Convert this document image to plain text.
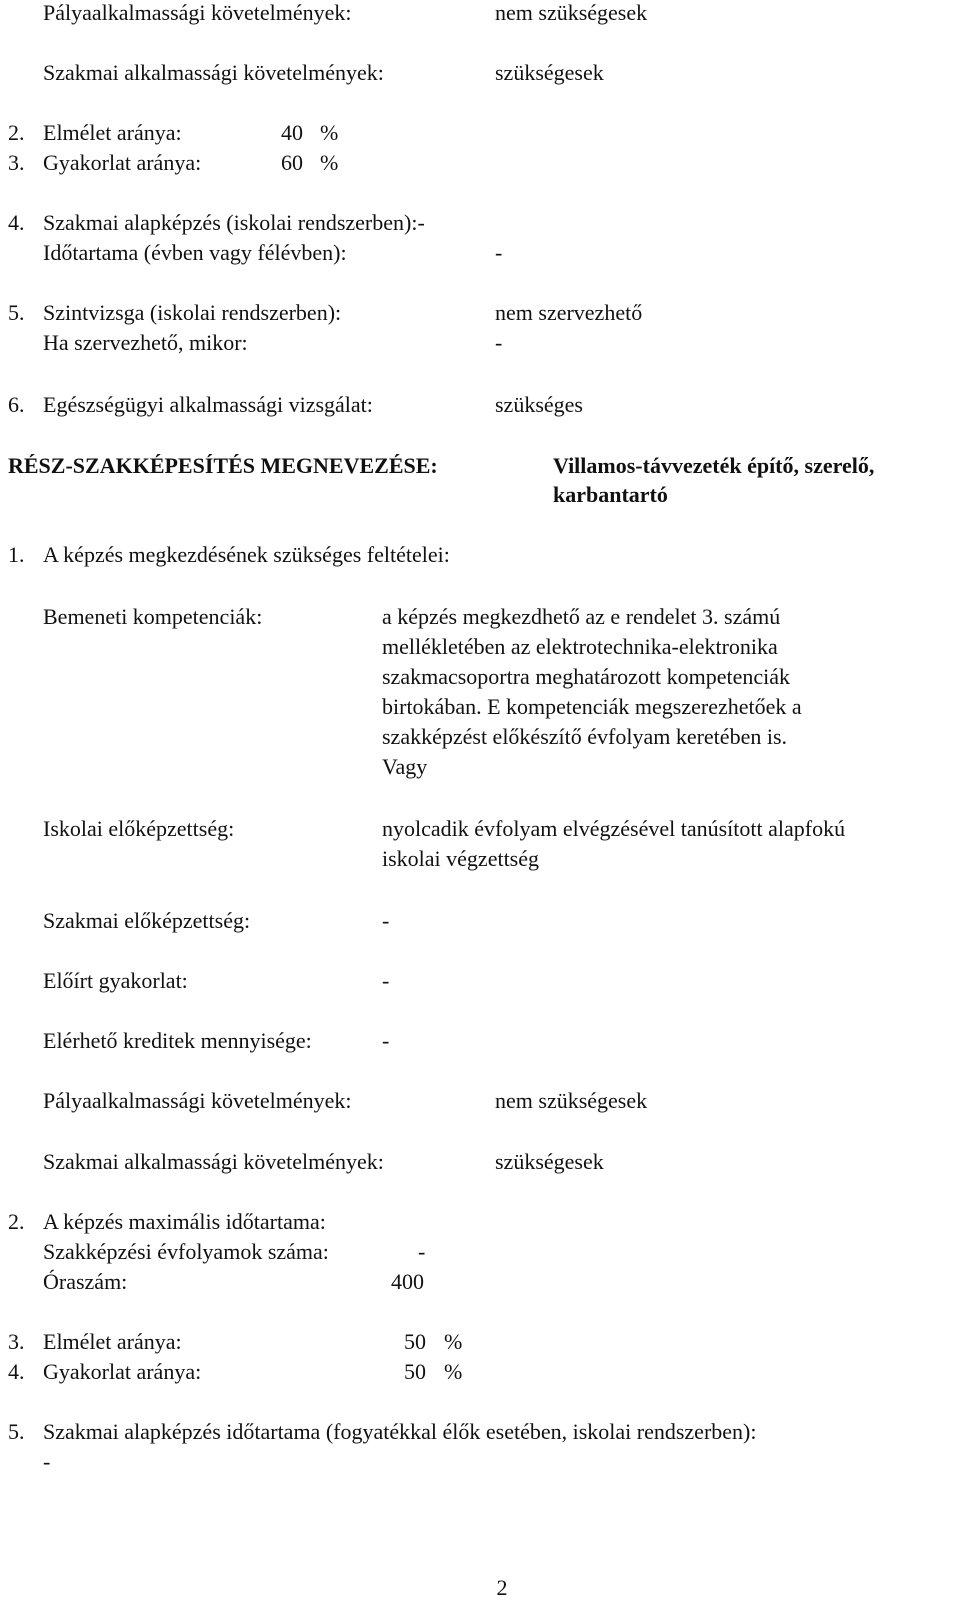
Pályaalkalmassági követelmények:	nem szükségesek
Szakmai alkalmassági követelmények:	szükségesek
2. Elmélet aránya:	40 %
3. Gyakorlat aránya:	60 %
4. Szakmai alapképzés (iskolai rendszerben):-
Időtartama (évben vagy félévben):	-
5. Szintvizsga (iskolai rendszerben):	nem szervezhető
Ha szervezhető, mikor:	-
6. Egészségügyi alkalmassági vizsgálat:	szükséges
RÉSZ-SZAKKÉPESÍTÉS MEGNEVEZÉSE:	Villamos-távvezeték építő, szerelő,
karbantartó
1. A képzés megkezdésének szükséges feltételei:
Bemeneti kompetenciák:	a képzés megkezdhető az e rendelet 3. számú
mellékletében az elektrotechnika-elektronika
szakmacsoportra meghatározott kompetenciák
birtokában. E kompetenciák megszerezhetőek a
szakképzést előkészítő évfolyam keretében is.
Vagy
Iskolai előképzettség:	nyolcadik évfolyam elvégzésével tanúsított alapfokú
iskolai végzettség
Szakmai előképzettség:	-
Előírt gyakorlat:	-
Elérhető kreditek mennyisége:	-
Pályaalkalmassági követelmények:	nem szükségesek
Szakmai alkalmassági követelmények:	szükségesek
2. A képzés maximális időtartama:
Szakképzési évfolyamok száma:	-
Óraszám:	400
3. Elmélet aránya:	50 %
4. Gyakorlat aránya:	50 %
5. Szakmai alapképzés időtartama (fogyatékkal élők esetében, iskolai rendszerben):
-
2
